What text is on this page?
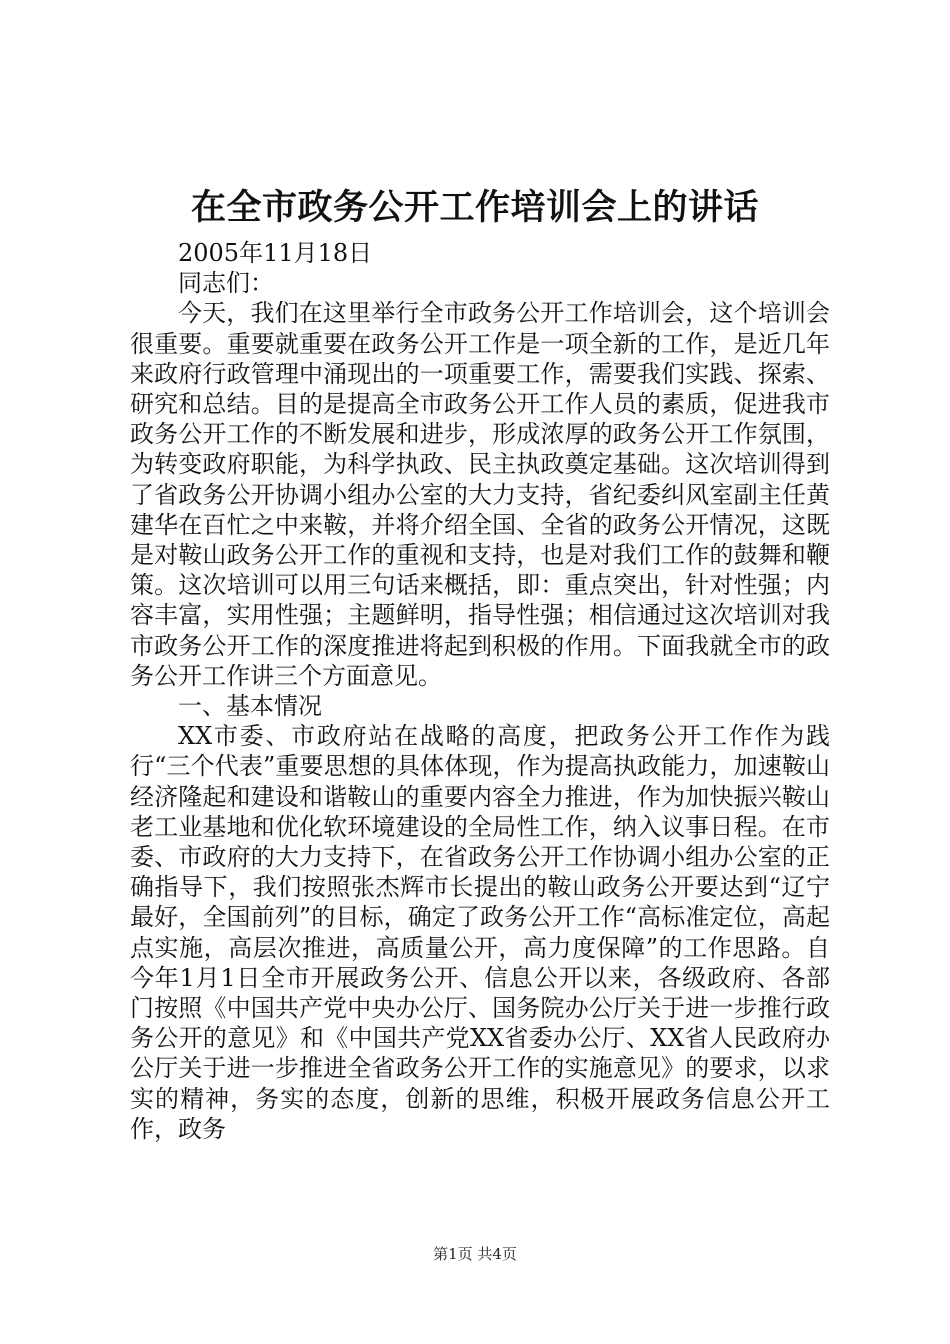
在全市政务公开工作培训会上的讲话
2005年11月18日
同志们：

今天，我们在这里举行全市政务公开工作培训会，这个培训会很重要。重要就重要在政务公开工作是一项全新的工作，是近几年来政府行政管理中涌现出的一项重要工作，需要我们实践、探索、研究和总结。目的是提高全市政务公开工作人员的素质，促进我市政务公开工作的不断发展和进步，形成浓厚的政务公开工作氛围，为转变政府职能，为科学执政、民主执政奠定基础。这次培训得到了省政务公开协调小组办公室的大力支持，省纪委纠风室副主任黄建华在百忙之中来鞍，并将介绍全国、全省的政务公开情况，这既是对鞍山政务公开工作的重视和支持，也是对我们工作的鼓舞和鞭策。这次培训可以用三句话来概括，即：重点突出，针对性强；内容丰富，实用性强；主题鲜明，指导性强；相信通过这次培训对我市政务公开工作的深度推进将起到积极的作用。下面我就全市的政务公开工作讲三个方面意见。

一、基本情况

XX市委、市政府站在战略的高度，把政务公开工作作为践行“三个代表”重要思想的具体体现，作为提高执政能力，加速鞍山经济隆起和建设和谐鞍山的重要内容全力推进，作为加快振兴鞍山老工业基地和优化软环境建设的全局性工作，纳入议事日程。在市委、市政府的大力支持下，在省政务公开工作协调小组办公室的正确指导下，我们按照张杰辉市长提出的鞍山政务公开要达到“辽宁最好，全国前列”的目标，确定了政务公开工作“高标准定位，高起点实施，高层次推进，高质量公开，高力度保障”的工作思路。自今年1月1日全市开展政务公开、信息公开以来，各级政府、各部门按照《中国共产党中央办公厅、国务院办公厅关于进一步推行政务公开的意见》和《中国共产党XX省委办公厅、XX省人民政府办公厅关于进一步推进全省政务公开工作的实施意见》的要求，以求实的精神，务实的态度，创新的思维，积极开展政务信息公开工作，政务

第1页 共4页
